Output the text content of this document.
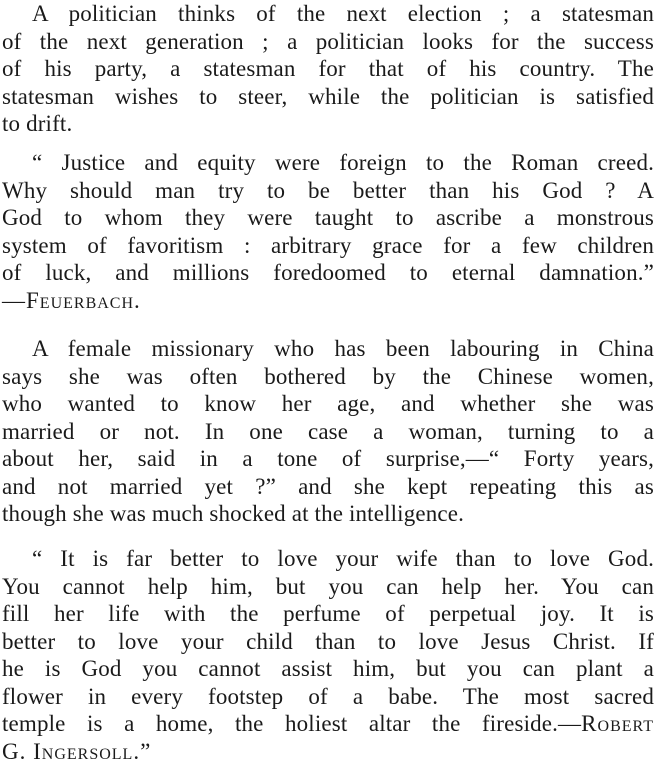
A politician thinks of the next election ; a statesman
of the next generation ; a politician looks for the success
of his party, a statesman for that of his country. The
statesman wishes to steer, while the politician is satisfied
to drift.
“ Justice and equity were foreign to the Roman creed.
Why should man try to be better than his God ? A
God to whom they were taught to ascribe a monstrous
system of favoritism : arbitrary grace for a few children
of luck, and millions foredoomed to eternal damnation.”
—Feuerbach.
A female missionary who has been labouring in China
says she was often bothered by the Chinese women,
who wanted to know her age, and whether she was
married or not. In one case a woman, turning to a
about her, said in a tone of surprise,—“ Forty years,
and not married yet ?” and she kept repeating this as
though she was much shocked at the intelligence.
“ It is far better to love your wife than to love God.
You cannot help him, but you can help her. You can
fill her life with the perfume of perpetual joy. It is
better to love your child than to love Jesus Christ. If
he is God you cannot assist him, but you can plant a
flower in every footstep of a babe. The most sacred
temple is a home, the holiest altar the fireside.—Robert
G. Ingersoll.”
